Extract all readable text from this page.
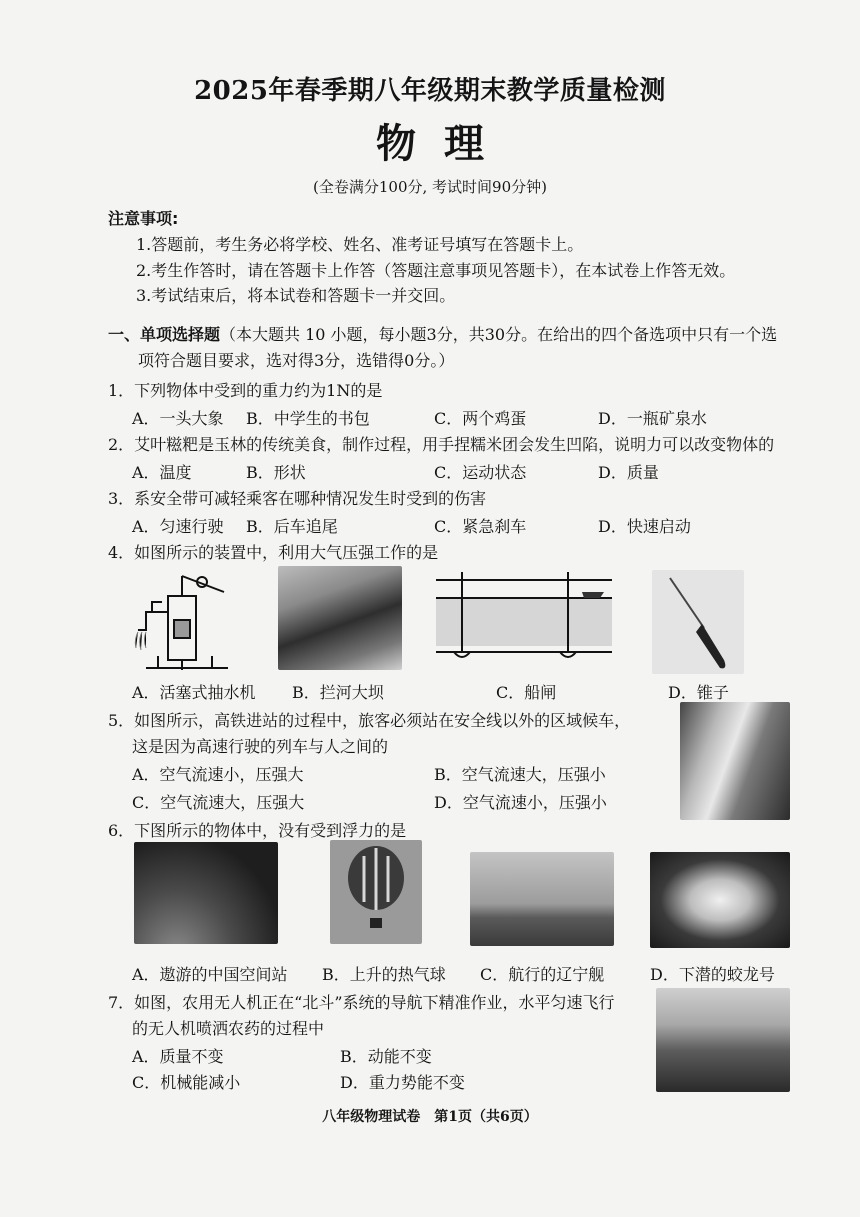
2025年春季期八年级期末教学质量检测
物理
(全卷满分100分, 考试时间90分钟)
注意事项:
1.答题前，考生务必将学校、姓名、准考证号填写在答题卡上。
2.考生作答时，请在答题卡上作答（答题注意事项见答题卡），在本试卷上作答无效。
3.考试结束后，将本试卷和答题卡一并交回。
一、单项选择题（本大题共 10 小题，每小题3分，共30分。在给出的四个备选项中只有一个选
项符合题目要求，选对得3分，选错得0分。）
1．下列物体中受到的重力约为1N的是
A．一头大象 B．中学生的书包	C．两个鸡蛋	D．一瓶矿泉水
2．艾叶糍粑是玉林的传统美食，制作过程，用手捏糯米团会发生凹陷，说明力可以改变物体的
A．温度	B．形状	C．运动状态	D．质量
3．系安全带可减轻乘客在哪种情况发生时受到的伤害
A．匀速行驶 B．后车追尾	C．紧急刹车	D．快速启动
4．如图所示的装置中，利用大气压强工作的是
A．活塞式抽水机 B．拦河大坝	C．船闸	D．锥子
5．如图所示，高铁进站的过程中，旅客必须站在安全线以外的区域候车，
这是因为高速行驶的列车与人之间的
A．空气流速小，压强大	B．空气流速大，压强小
C．空气流速大，压强大	D．空气流速小，压强小
6．下图所示的物体中，没有受到浮力的是
A．遨游的中国空间站 B．上升的热气球 C．航行的辽宁舰	D．下潜的蛟龙号
7．如图，农用无人机正在“北斗”系统的导航下精准作业，水平匀速飞行
的无人机喷洒农药的过程中
A．质量不变	B．动能不变
C．机械能减小	D．重力势能不变
八年级物理试卷　第1页（共6页）
